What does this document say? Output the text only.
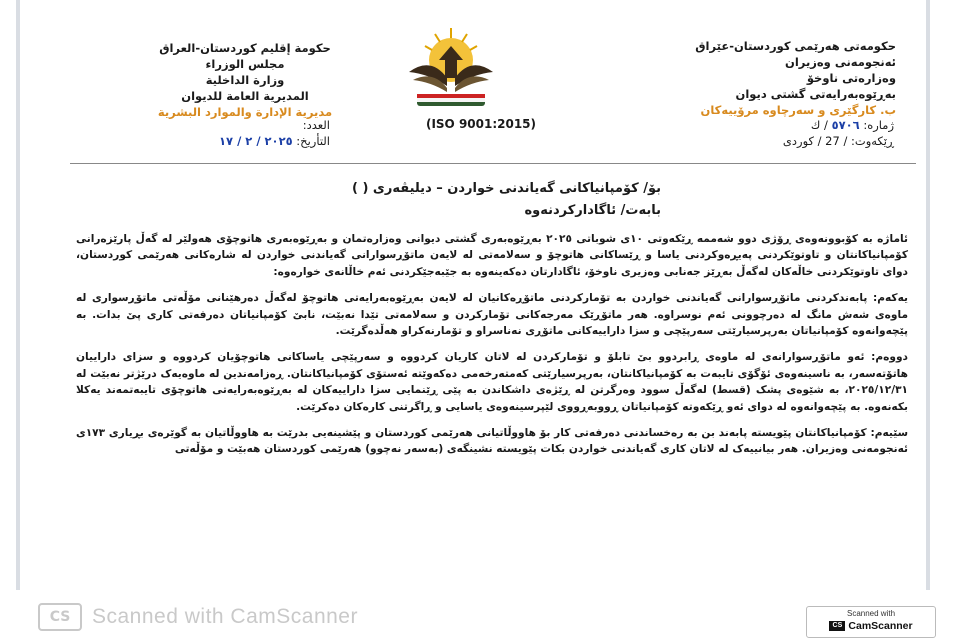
حکومەتی هەرێمی کوردستان-عێراق
ئەنجومەنی وەزیران
وەزارەتی ناوخۆ
بەڕێوەبەرایەتی گشتی دیوان
ب. کارگێری و سەرچاوە مرۆییەکان
حكومة إقليم كوردستان-العراق
مجلس الوزراء
وزارة الداخلية
المديرية العامة للديوان
مديرية الإدارة والموارد البشرية
(ISO 9001:2015)	ژمارە: ٥٧٠٦ / ك
ڕێکەوت: / 27 / کوردی
العدد:
التأريخ: ٢٠٢٥ / ٢ / ١٧
بۆ/ کۆمپانیاکانی گەیاندنی خواردن – دیلیڤەری ( )
بابەت/ ئاگادارکردنەوە

ئاماژە بە کۆبوونەوەی ڕۆژی دوو شەممە ڕێکەوتی ١٠ی شوباتی ٢٠٢٥ بەڕێوەبەری گشتی دیوانی وەزارەتمان و بەڕێوەبەری هاتوچۆی هەولێر لە گەڵ پارێزەرانی کۆمپانیاکانتان و تاوتوێکردنی پەیڕەوکردنی یاسا و ڕێساکانی هاتوچۆ و سەلامەتی لە لایەن ماتۆڕسوارانی گەیاندنی خواردن لە شارەکانی هەرێمی کوردستان، دوای تاوتوێکردنی خاڵەکان لەگەڵ بەڕێز جەنابی وەزیری ناوخۆ، ئاگادارتان دەکەینەوە بە جێبەجێکردنی ئەم خاڵانەی خوارەوە:

یەکەم: پابەندکردنی ماتۆڕسوارانی گەیاندنی خواردن بە تۆمارکردنی ماتۆڕەکانیان لە لایەن بەڕێوەبەرایەتی هاتوچۆ لەگەڵ دەرهێنانی مۆڵەتی ماتۆڕسواری لە ماوەی شەش مانگ لە دەرچوونی ئەم نوسراوە. هەر ماتۆڕێک مەرجەکانی تۆمارکردن و سەلامەتی تێدا نەبێت، نابێ کۆمپانیاتان دەرفەتی کاری پێ بدات. بە پێچەوانەوە کۆمپانیاتان بەرپرسیارێتی سەرپێچی و سزا داراییەکانی ماتۆڕی نەناسراو و تۆمارنەکراو هەڵدەگرێت.

دووەم: ئەو ماتۆڕسوارانەی لە ماوەی ڕابردوو بێ تابلۆ و تۆمارکردن لە لاتان کاریان کردووە و سەرپێچی یاساکانی هاتوچۆیان کردووە و سزای داراییان هاتۆتەسەر، بە ناسینەوەی ئۆگۆی تایبەت بە کۆمپانیاکانتان، بەرپرسیارێتی کەمتەرخەمی دەکەوێتە ئەستۆی کۆمپانیاکانتان. ڕەزامەندین لە ماوەیەک درێژتر نەبێت لە ٢٠٢٥/١٢/٣١، بە شێوەی پشک (قسط) لەگەڵ سوود وەرگرتن لە ڕێژەی داشکاندن بە پێی ڕێنمایی سزا داراییەکان لە بەڕێوەبەرایەتی هاتوچۆی تایبەتمەند یەکلا بکەنەوە. بە پێچەوانەوە لە دوای ئەو ڕێکەوتە کۆمپانیاتان ڕووبەڕووی لێپرسینەوەی یاسایی و ڕاگرتنی کارەکان دەکرێت.

سێیەم: کۆمپانیاکانتان پێویستە پابەند بن بە رەخساندنی دەرفەتی کار بۆ هاووڵاتیانی هەرێمی کوردستان و پێشینەیی بدرێت بە هاووڵاتیان بە گوێرەی بڕیاری ١٧٣ی ئەنجومەنی وەزیران. هەر بیانییەک لە لاتان کاری گەیاندنی خواردن بکات پێویستە نشینگەی (بەسەر نەچوو) هەرێمی کوردستان هەبێت و مۆڵەتی

CS	Scanned with CamScanner	Scanned with
CS CamScanner
